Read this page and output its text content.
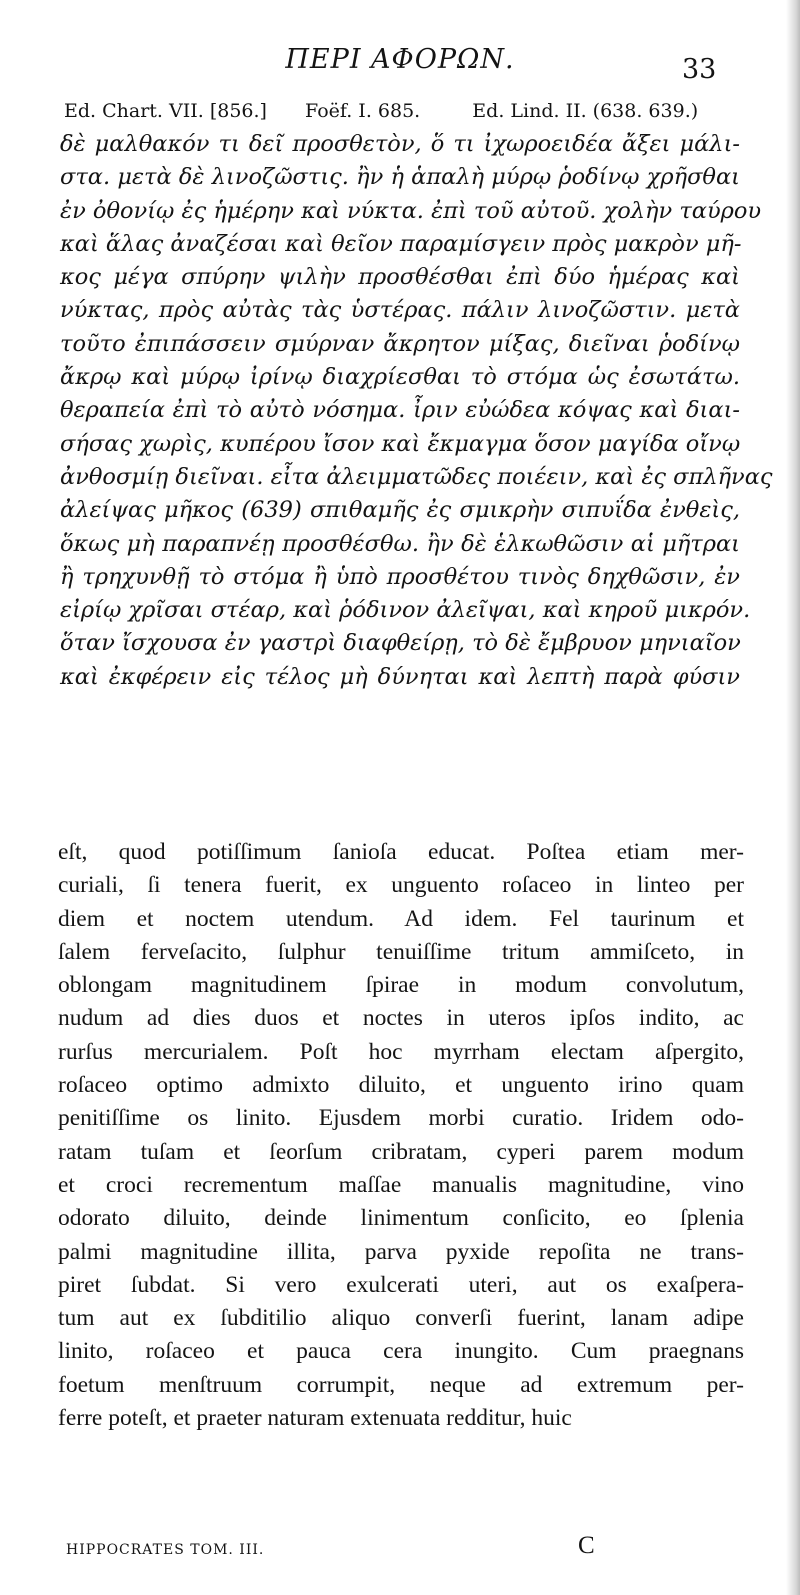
ΠΕΡΙ ΑΦΟΡΩΝ.	33
Ed. Chart. VII. [856.] Foëf. I. 685.	Ed. Lind. II. (638. 639.)
δὲ μαλθακόν τι δεῖ προσθετὸν, ὅ τι ἰχωροειδέα ἄξει μάλι-
στα. μετὰ δὲ λινοζῶστις. ἢν ἡ ἁπαλὴ μύρῳ ῥοδίνῳ χρῆσθαι
ἐν ὀθονίῳ ἐς ἡμέρην καὶ νύκτα. ἐπὶ τοῦ αὐτοῦ. χολὴν ταύρου
καὶ ἅλας ἀναζέσαι καὶ θεῖον παραμίσγειν πρὸς μακρὸν μῆ-
κος μέγα σπύρην ψιλὴν προσθέσθαι ἐπὶ δύο ἡμέρας καὶ
νύκτας, πρὸς αὐτὰς τὰς ὑστέρας. πάλιν λινοζῶστιν. μετὰ
τοῦτο ἐπιπάσσειν σμύρναν ἄκρητον μίξας, διεῖναι ῥοδίνῳ
ἄκρῳ καὶ μύρῳ ἰρίνῳ διαχρίεσθαι τὸ στόμα ὡς ἐσωτάτω.
θεραπεία ἐπὶ τὸ αὐτὸ νόσημα. ἶριν εὐώδεα κόψας καὶ διαι-
σήσας χωρὶς, κυπέρου ἴσον καὶ ἔκμαγμα ὅσον μαγίδα οἴνῳ
ἀνθοσμίῃ διεῖναι. εἶτα ἀλειμματῶδες ποιέειν, καὶ ἐς σπλῆνας
ἀλείψας μῆκος (639) σπιθαμῆς ἐς σμικρὴν σιπυΐδα ἐνθεὶς,
ὅκως μὴ παραπνέῃ προσθέσθω. ἢν δὲ ἑλκωθῶσιν αἱ μῆτραι
ἢ τρηχυνθῇ τὸ στόμα ἢ ὑπὸ προσθέτου τινὸς δηχθῶσιν, ἐν
εἰρίῳ χρῖσαι στέαρ, καὶ ῥόδινον ἀλεῖψαι, καὶ κηροῦ μικρόν.
ὅταν ἴσχουσα ἐν γαστρὶ διαφθείρῃ, τὸ δὲ ἔμβρυον μηνιαῖον
καὶ ἐκφέρειν εἰς τέλος μὴ δύνηται καὶ λεπτὴ παρὰ φύσιν
eſt, quod potiſſimum ſanioſa educat. Poſtea etiam mer-
curiali, ſi tenera fuerit, ex unguento roſaceo in linteo per
diem et noctem utendum. Ad idem. Fel taurinum et
ſalem ferveſacito, ſulphur tenuiſſime tritum ammiſceto, in
oblongam magnitudinem ſpirae in modum convolutum,
nudum ad dies duos et noctes in uteros ipſos indito, ac
rurſus mercurialem. Poſt hoc myrrham electam aſpergito,
roſaceo optimo admixto diluito, et unguento irino quam
penitiſſime os linito. Ejusdem morbi curatio. Iridem odo-
ratam tuſam et ſeorſum cribratam, cyperi parem modum
et croci recrementum maſſae manualis magnitudine, vino
odorato diluito, deinde linimentum conſicito, eo ſplenia
palmi magnitudine illita, parva pyxide repoſita ne trans-
piret ſubdat. Si vero exulcerati uteri, aut os exaſpera-
tum aut ex ſubditilio aliquo converſi fuerint, lanam adipe
linito, roſaceo et pauca cera inungito. Cum praegnans
foetum menſtruum corrumpit, neque ad extremum per-
ferre poteſt, et praeter naturam extenuata redditur, huic
HIPPOCRATES TOM. III.	C
